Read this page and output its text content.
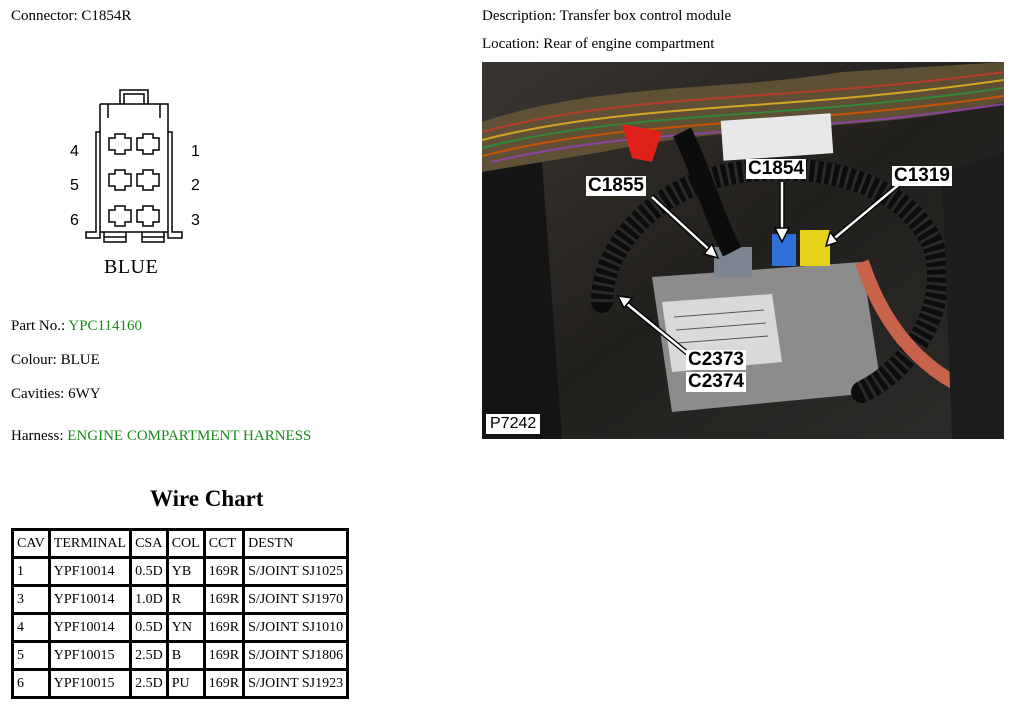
Connector: C1854R	Description: Transfer box control module
Location: Rear of engine compartment
4
5
6
1
2
3
BLUE
Part No.: YPC114160
Colour: BLUE
Cavities: 6WY
Harness: ENGINE COMPARTMENT HARNESS
Wire Chart
CAV	TERMINAL	CSA	COL	CCT	DESTN
1	YPF10014	0.5D	YB	169R	S/JOINT SJ1025
3	YPF10014	1.0D	R	169R	S/JOINT SJ1970
4	YPF10014	0.5D	YN	169R	S/JOINT SJ1010
5	YPF10015	2.5D	B	169R	S/JOINT SJ1806
6	YPF10015	2.5D	PU	169R	S/JOINT SJ1923
C1855
C1854	C1319
C2373
C2374
P7242
